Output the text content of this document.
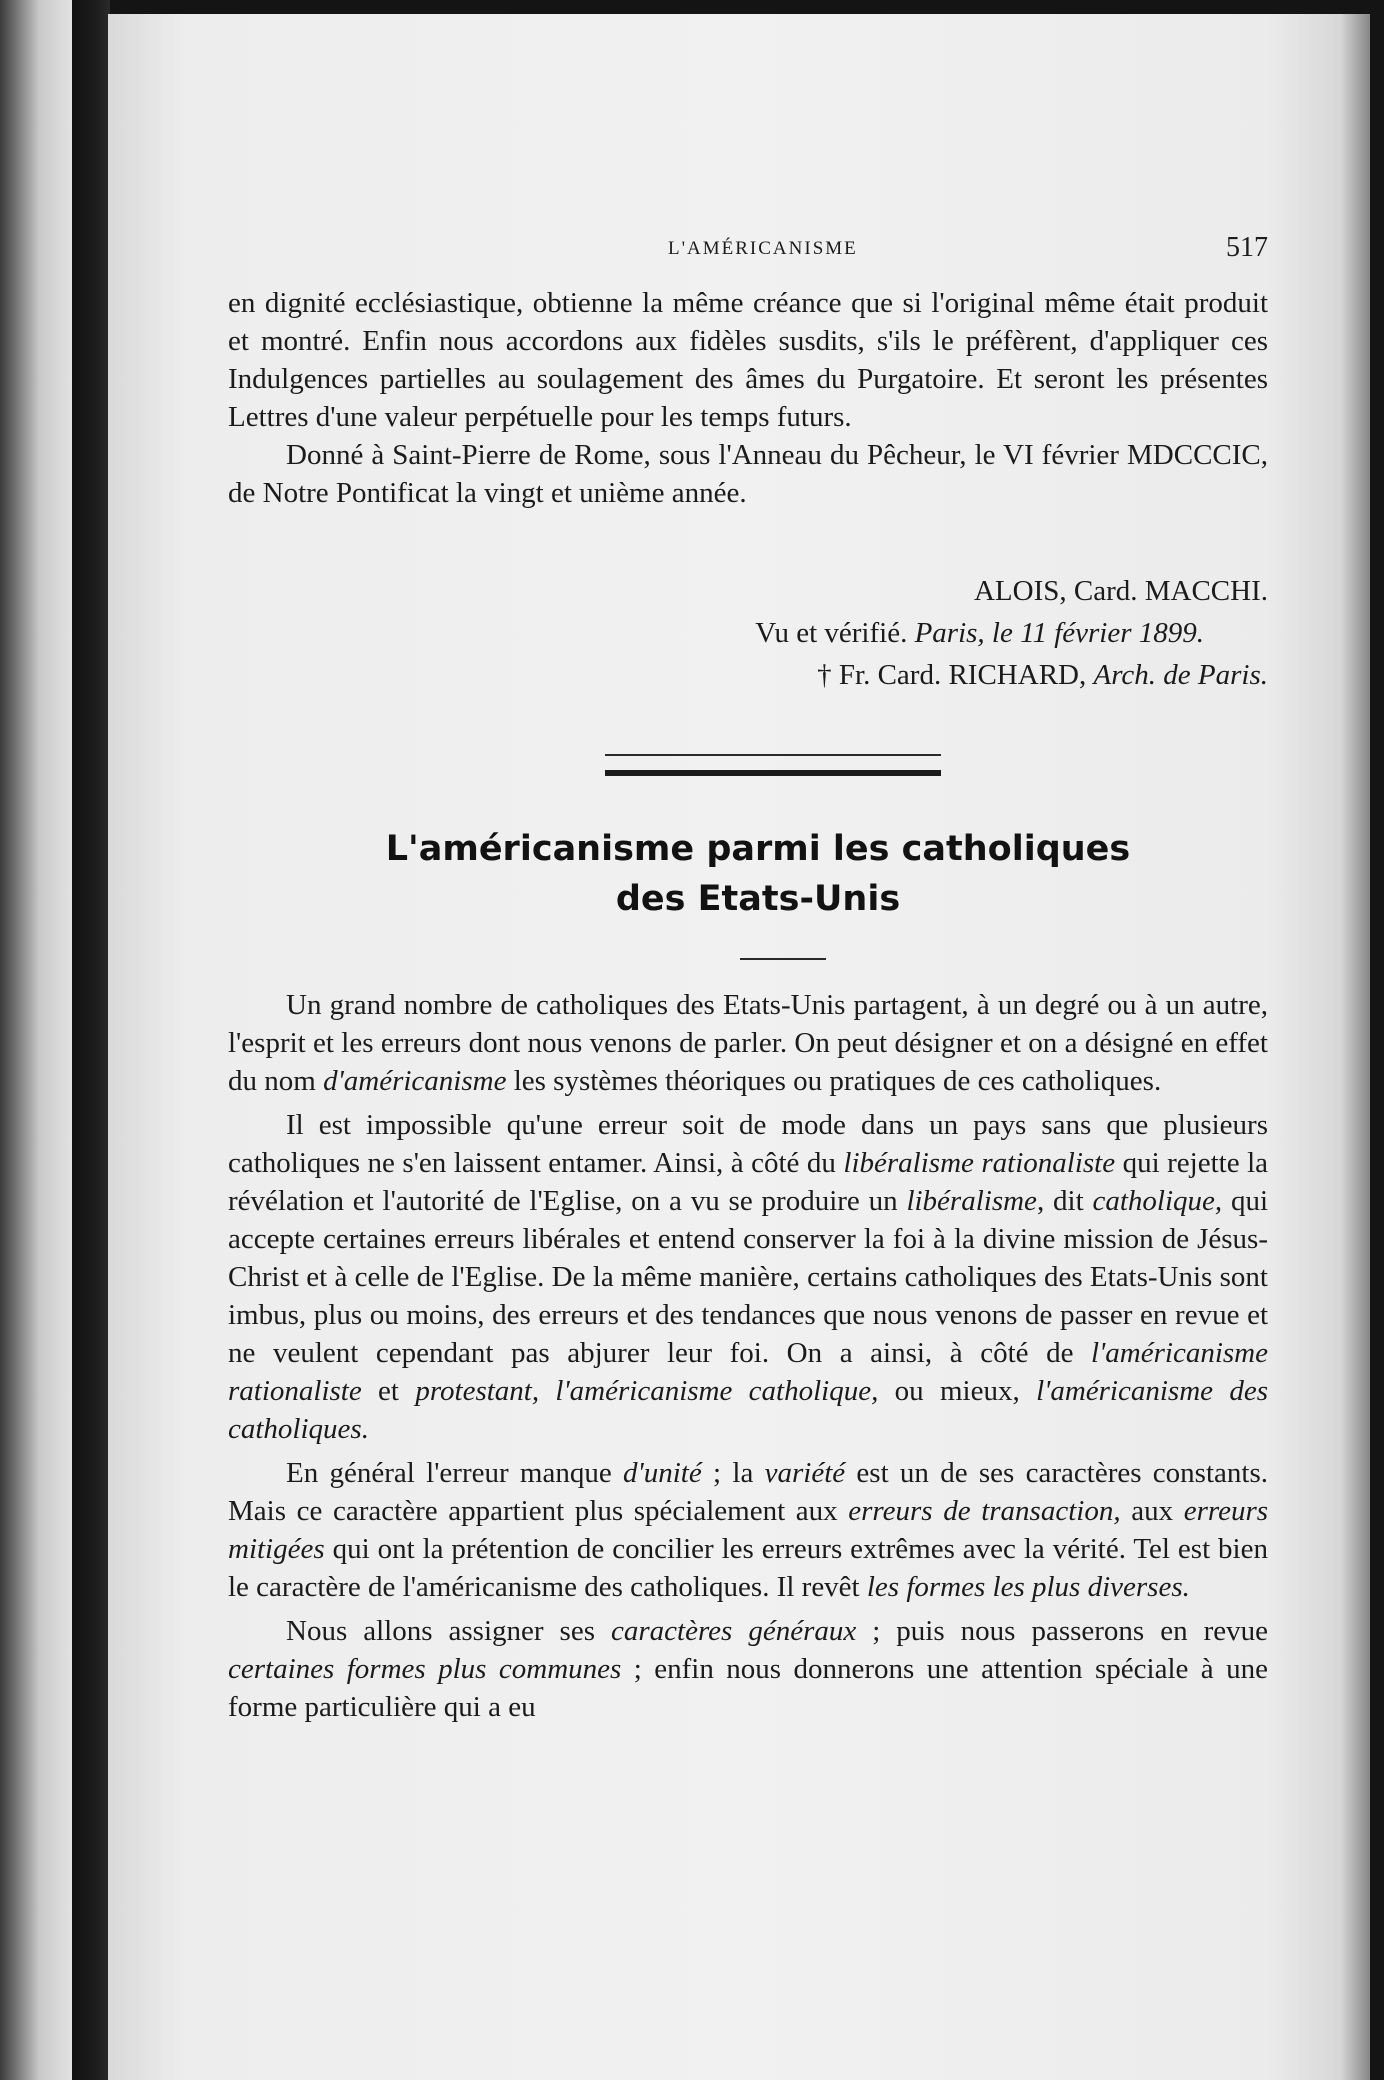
L'AMÉRICANISME	517

en dignité ecclésiastique, obtienne la même créance que si l'original même était produit et montré. Enfin nous accordons aux fidèles susdits, s'ils le préfèrent, d'appliquer ces Indulgences partielles au soulagement des âmes du Purgatoire. Et seront les présentes Lettres d'une valeur perpétuelle pour les temps futurs.

Donné à Saint-Pierre de Rome, sous l'Anneau du Pêcheur, le VI février MDCCCIC, de Notre Pontificat la vingt et unième année.

ALOIS, Card. MACCHI.
Vu et vérifié. Paris, le 11 février 1899.
† Fr. Card. RICHARD, Arch. de Paris.
L'américanisme parmi les catholiques
des Etats-Unis

Un grand nombre de catholiques des Etats-Unis partagent, à un degré ou à un autre, l'esprit et les erreurs dont nous venons de parler. On peut désigner et on a désigné en effet du nom d'américanisme les systèmes théoriques ou pratiques de ces catholiques.

Il est impossible qu'une erreur soit de mode dans un pays sans que plusieurs catholiques ne s'en laissent entamer. Ainsi, à côté du libéralisme rationaliste qui rejette la révélation et l'autorité de l'Eglise, on a vu se produire un libéralisme, dit catholique, qui accepte certaines erreurs libérales et entend conserver la foi à la divine mission de Jésus-Christ et à celle de l'Eglise. De la même manière, certains catholiques des Etats-Unis sont imbus, plus ou moins, des erreurs et des tendances que nous venons de passer en revue et ne veulent cependant pas abjurer leur foi. On a ainsi, à côté de l'américanisme rationaliste et protestant, l'américanisme catholique, ou mieux, l'américanisme des catholiques.

En général l'erreur manque d'unité ; la variété est un de ses caractères constants. Mais ce caractère appartient plus spécialement aux erreurs de transaction, aux erreurs mitigées qui ont la prétention de concilier les erreurs extrêmes avec la vérité. Tel est bien le caractère de l'américanisme des catholiques. Il revêt les formes les plus diverses.

Nous allons assigner ses caractères généraux ; puis nous passerons en revue certaines formes plus communes ; enfin nous donnerons une attention spéciale à une forme particulière qui a eu
